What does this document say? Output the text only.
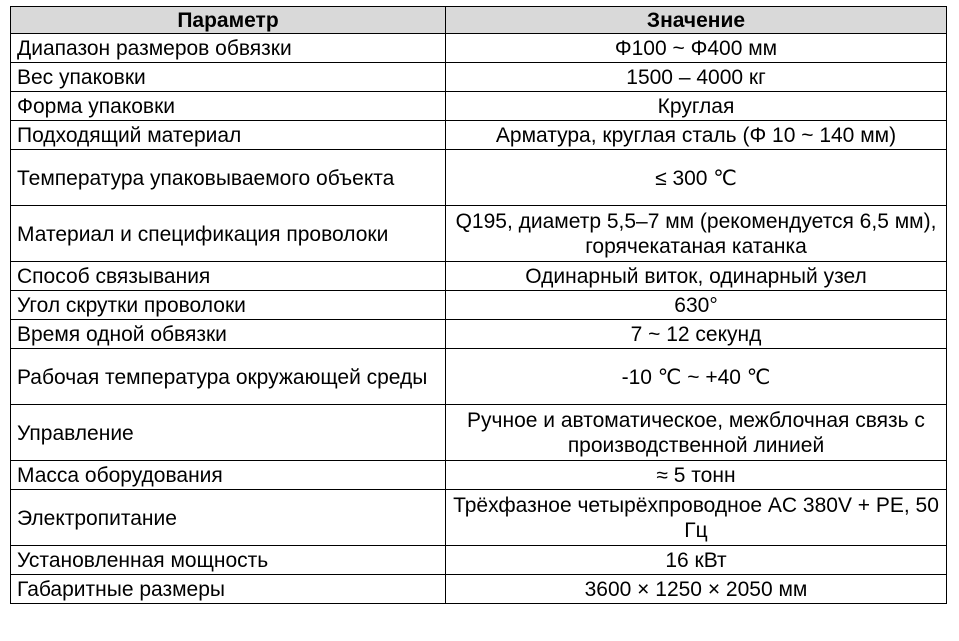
Параметр	Значение
Диапазон размеров обвязки	Φ100 ~ Φ400 мм
Вес упаковки	1500 – 4000 кг
Форма упаковки	Круглая
Подходящий материал	Арматура, круглая сталь (Φ 10 ~ 140 мм)
Температура упаковываемого объекта	≤ 300 ℃
Материал и спецификация проволоки	Q195, диаметр 5,5–7 мм (рекомендуется 6,5 мм), горячекатаная катанка
Способ связывания	Одинарный виток, одинарный узел
Угол скрутки проволоки	630°
Время одной обвязки	7 ~ 12 секунд
Рабочая температура окружающей среды	-10 ℃ ~ +40 ℃
Управление	Ручное и автоматическое, межблочная связь с производственной линией
Масса оборудования	≈ 5 тонн
Электропитание	Трёхфазное четырёхпроводное AC 380V + PE, 50 Гц
Установленная мощность	16 кВт
Габаритные размеры	3600 × 1250 × 2050 мм
